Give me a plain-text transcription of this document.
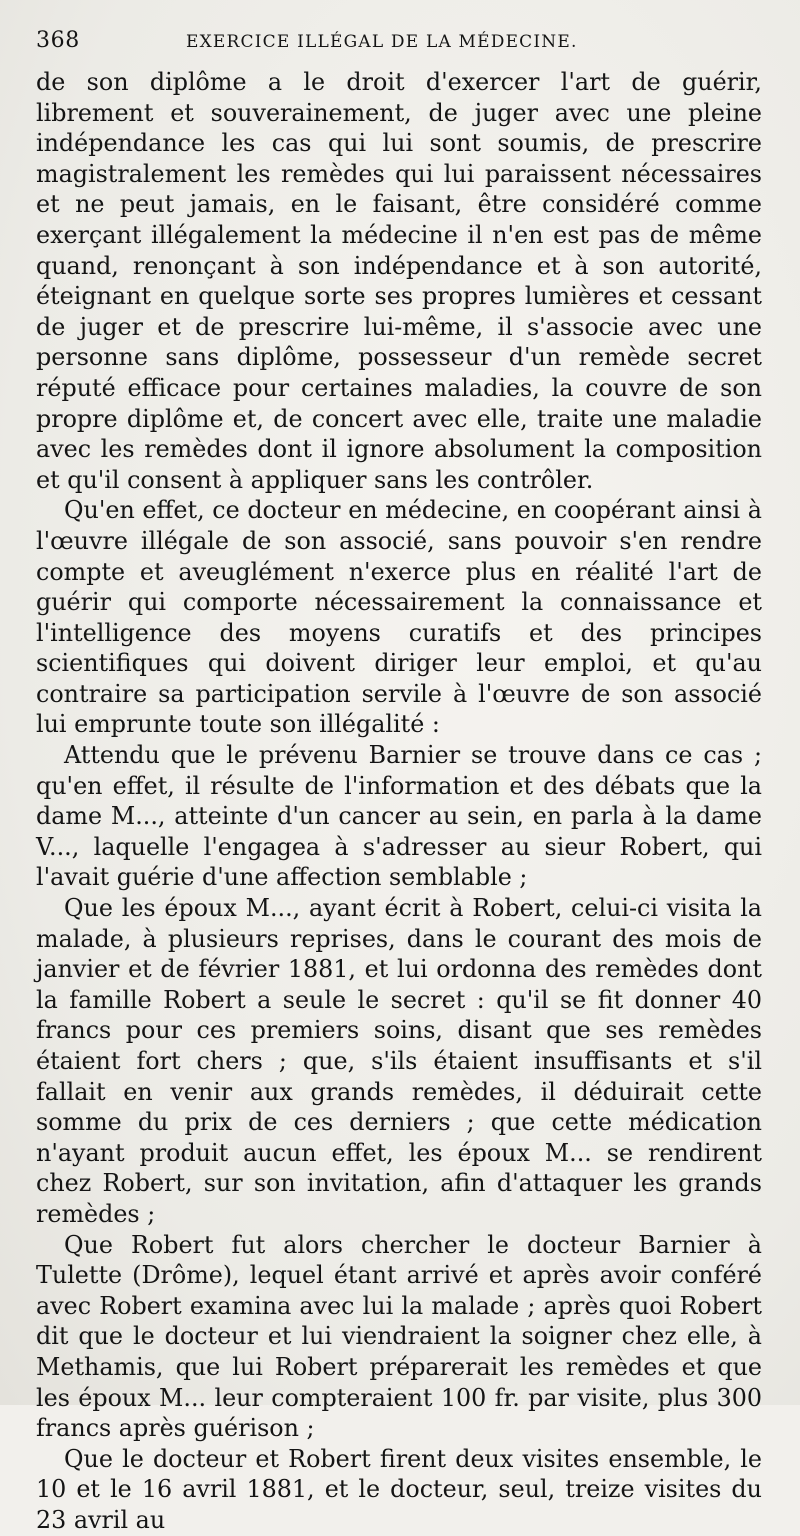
368	EXERCICE ILLÉGAL DE LA MÉDECINE.

de son diplôme a le droit d'exercer l'art de guérir, librement et souverainement, de juger avec une pleine indépendance les cas qui lui sont soumis, de prescrire magistralement les remèdes qui lui paraissent nécessaires et ne peut jamais, en le faisant, être considéré comme exerçant illégalement la médecine il n'en est pas de même quand, renonçant à son indépendance et à son autorité, éteignant en quelque sorte ses propres lumières et cessant de juger et de prescrire lui-même, il s'associe avec une personne sans diplôme, possesseur d'un remède secret réputé efficace pour certaines maladies, la couvre de son propre diplôme et, de concert avec elle, traite une maladie avec les remèdes dont il ignore absolument la composition et qu'il consent à appliquer sans les contrôler.

Qu'en effet, ce docteur en médecine, en coopérant ainsi à l'œuvre illégale de son associé, sans pouvoir s'en rendre compte et aveuglément n'exerce plus en réalité l'art de guérir qui comporte nécessairement la connaissance et l'intelligence des moyens curatifs et des principes scientifiques qui doivent diriger leur emploi, et qu'au contraire sa participation servile à l'œuvre de son associé lui emprunte toute son illégalité :

Attendu que le prévenu Barnier se trouve dans ce cas ; qu'en effet, il résulte de l'information et des débats que la dame M..., atteinte d'un cancer au sein, en parla à la dame V..., laquelle l'engagea à s'adresser au sieur Robert, qui l'avait guérie d'une affection semblable ;

Que les époux M..., ayant écrit à Robert, celui-ci visita la malade, à plusieurs reprises, dans le courant des mois de janvier et de février 1881, et lui ordonna des remèdes dont la famille Robert a seule le secret : qu'il se fit donner 40 francs pour ces premiers soins, disant que ses remèdes étaient fort chers ; que, s'ils étaient insuffisants et s'il fallait en venir aux grands remèdes, il déduirait cette somme du prix de ces derniers ; que cette médication n'ayant produit aucun effet, les époux M... se rendirent chez Robert, sur son invitation, afin d'attaquer les grands remèdes ;

Que Robert fut alors chercher le docteur Barnier à Tulette (Drôme), lequel étant arrivé et après avoir conféré avec Robert examina avec lui la malade ; après quoi Robert dit que le docteur et lui viendraient la soigner chez elle, à Methamis, que lui Robert préparerait les remèdes et que les époux M... leur compteraient 100 fr. par visite, plus 300 francs après guérison ;

Que le docteur et Robert firent deux visites ensemble, le 10 et le 16 avril 1881, et le docteur, seul, treize visites du 23 avril au
